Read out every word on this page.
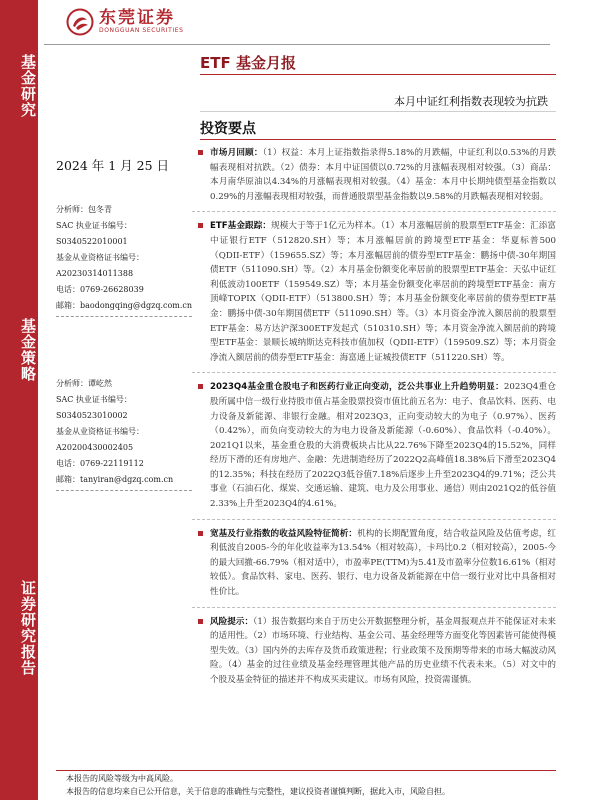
基金研究
基金策略
证券研究报告
东莞证券
DONGGUAN SECURITIES
ETF 基金月报
本月中证红利指数表现较为抗跌
投资要点
2024 年 1 月 25 日
分析师：包冬青
SAC 执业证书编号：
S0340522010001
基金从业资格证书编号：
A20230314011388
电话：0769-26628039
邮箱：baodongqing@dgzq.com.cn
分析师：谭屹然
SAC 执业证书编号：
S0340523010002
基金从业资格证书编号：
A20200430002405
电话：0769-22119112
邮箱：tanyiran@dgzq.com.cn
市场月回顾：（1）权益：本月上证指数指录得5.18%的月跌幅，中证红利以0.53%的月跌幅表现相对抗跌。（2）债券：本月中证国债以0.72%的月涨幅表现相对较强。（3）商品：本月南华原油以4.34%的月涨幅表现相对较强。（4）基金：本月中长期纯债型基金指数以0.29%的月涨幅表现相对较强，而普通股票型基金指数以9.58%的月跌幅表现相对较弱。
ETF基金跟踪：规模大于等于1亿元为样本。（1）本月涨幅居前的股票型ETF基金：汇添富中证银行ETF（512820.SH）等；本月涨幅居前的跨境型ETF基金：华夏标普500（QDII-ETF）（159655.SZ）等；本月涨幅居前的债券型ETF基金：鹏扬中债-30年期国债ETF（511090.SH）等。（2）本月基金份额变化率居前的股票型ETF基金：天弘中证红利低波动100ETF（159549.SZ）等；本月基金份额变化率居前的跨境型ETF基金：南方顶峰TOPIX（QDII-ETF）（513800.SH）等；本月基金份额变化率居前的债券型ETF基金：鹏扬中债-30年期国债ETF（511090.SH）等。（3）本月资金净流入额居前的股票型ETF基金：易方达沪深300ETF发起式（510310.SH）等；本月资金净流入额居前的跨境型ETF基金：景顺长城纳斯达克科技市值加权（QDII-ETF）（159509.SZ）等；本月资金净流入额居前的债券型ETF基金：海富通上证城投债ETF（511220.SH）等。
2023Q4基金重仓股电子和医药行业正向变动，泛公共事业上升趋势明显：2023Q4重仓股所属中信一级行业持股市值占基金股票投资市值比前五名为：电子、食品饮料、医药、电力设备及新能源、非银行金融。相对2023Q3，正向变动较大的为电子（0.97%）、医药（0.42%），而负向变动较大的为电力设备及新能源（-0.60%）、食品饮料（-0.40%）。2021Q1以来，基金重仓股的大消费板块占比从22.76%下降至2023Q4的15.52%，同样经历下滑的还有房地产、金融：先进制造经历了2022Q2高峰值18.38%后下滑至2023Q4的12.35%；科技在经历了2022Q3低谷值7.18%后逐步上升至2023Q4的9.71%；泛公共事业（石油石化、煤炭、交通运输、建筑、电力及公用事业、通信）则由2021Q2的低谷值2.33%上升至2023Q4的4.61%。
宽基及行业指数的收益风险特征简析：机构的长期配置角度，结合收益风险及估值考虑，红利低波自2005-今的年化收益率为13.54%（相对较高），卡玛比0.2（相对较高），2005-今的最大回撤-66.79%（相对适中），市盈率PE(TTM)为5.41及市盈率分位数16.61%（相对较低）。食品饮料、家电、医药、银行、电力设备及新能源在中信一级行业对比中具备相对性价比。
风险提示：（1）报告数据均来自于历史公开数据整理分析，基金周报观点并不能保证对未来的适用性。（2）市场环境、行业结构、基金公司、基金经理等方面变化等因素皆可能使得模型失效。（3）国内外的去库存及货币政策进程；行业政策不及预期等带来的市场大幅波动风险。（4）基金的过往业绩及基金经理管理其他产品的历史业绩不代表未来。（5）对文中的个股及基金特征的描述并不构成买卖建议。市场有风险，投资需谨慎。
本报告的风险等级为中高风险。
本报告的信息均来自已公开信息，关于信息的准确性与完整性，建议投资者谨慎判断，据此入市，风险自担。
